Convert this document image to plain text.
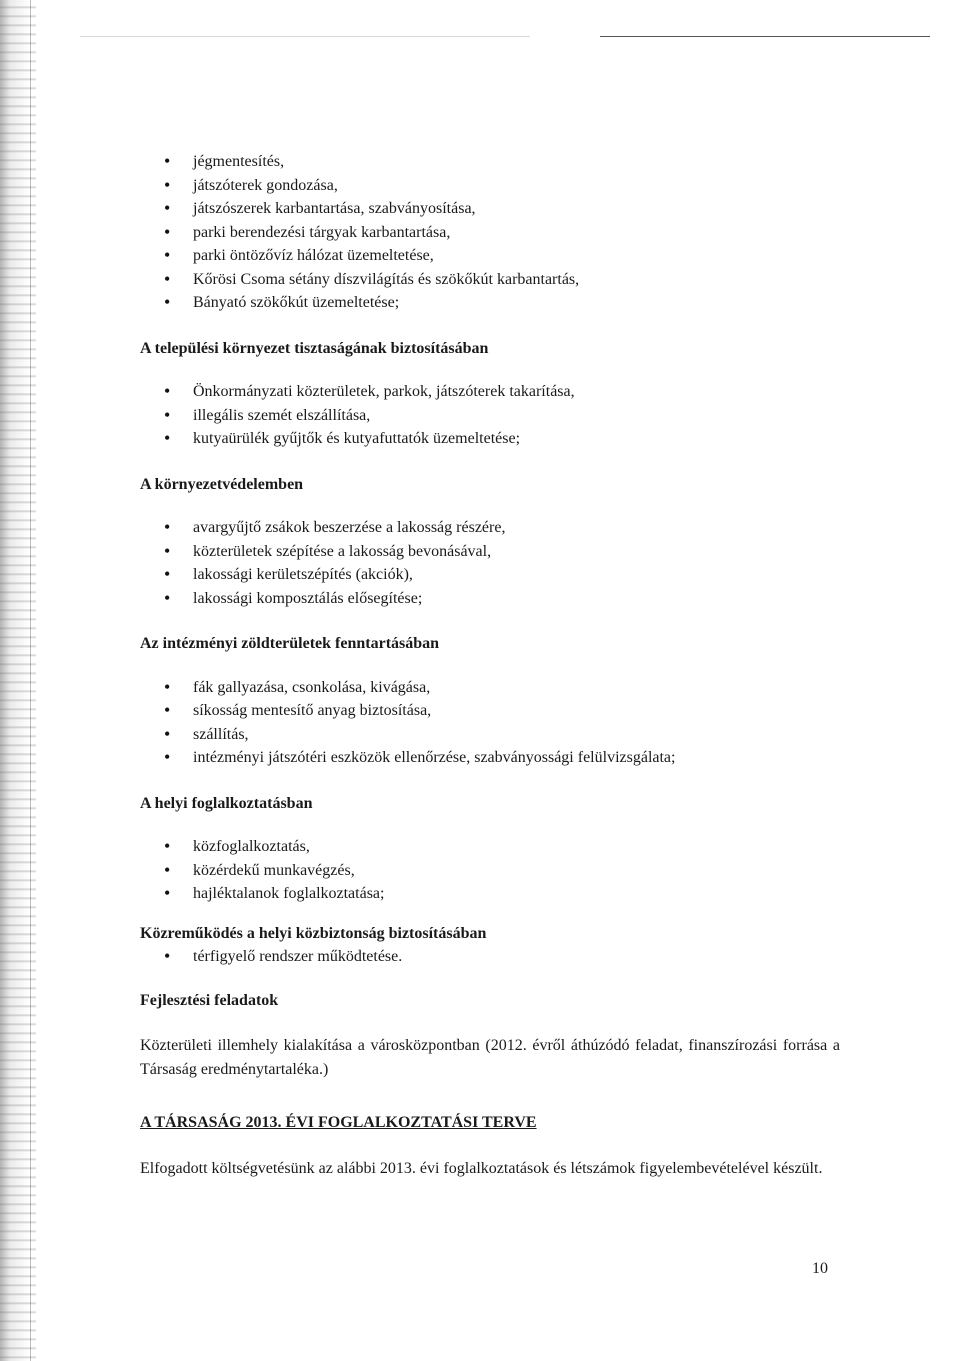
• jégmentesítés,
• játszóterek gondozása,
• játszószerek karbantartása, szabványosítása,
• parki berendezési tárgyak karbantartása,
• parki öntözővíz hálózat üzemeltetése,
• Kőrösi Csoma sétány díszvilágítás és szökőkút karbantartás,
• Bányató szökőkút üzemeltetése;

A települési környezet tisztaságának biztosításában

• Önkormányzati közterületek, parkok, játszóterek takarítása,
• illegális szemét elszállítása,
• kutyaürülék gyűjtők és kutyafuttatók üzemeltetése;

A környezetvédelemben

• avargyűjtő zsákok beszerzése a lakosság részére,
• közterületek szépítése a lakosság bevonásával,
• lakossági kerületszépítés (akciók),
• lakossági komposztálás elősegítése;

Az intézményi zöldterületek fenntartásában

• fák gallyazása, csonkolása, kivágása,
• síkosság mentesítő anyag biztosítása,
• szállítás,
• intézményi játszótéri eszközök ellenőrzése, szabványossági felülvizsgálata;

A helyi foglalkoztatásban

• közfoglalkoztatás,
• közérdekű munkavégzés,
• hajléktalanok foglalkoztatása;

Közreműködés a helyi közbiztonság biztosításában

• térfigyelő rendszer működtetése.

Fejlesztési feladatok

Közterületi illemhely kialakítása a városközpontban (2012. évről áthúzódó feladat, finanszírozási forrása a Társaság eredménytartaléka.)

A TÁRSASÁG 2013. ÉVI FOGLALKOZTATÁSI TERVE

Elfogadott költségvetésünk az alábbi 2013. évi foglalkoztatások és létszámok figyelembevételével készült.

10
